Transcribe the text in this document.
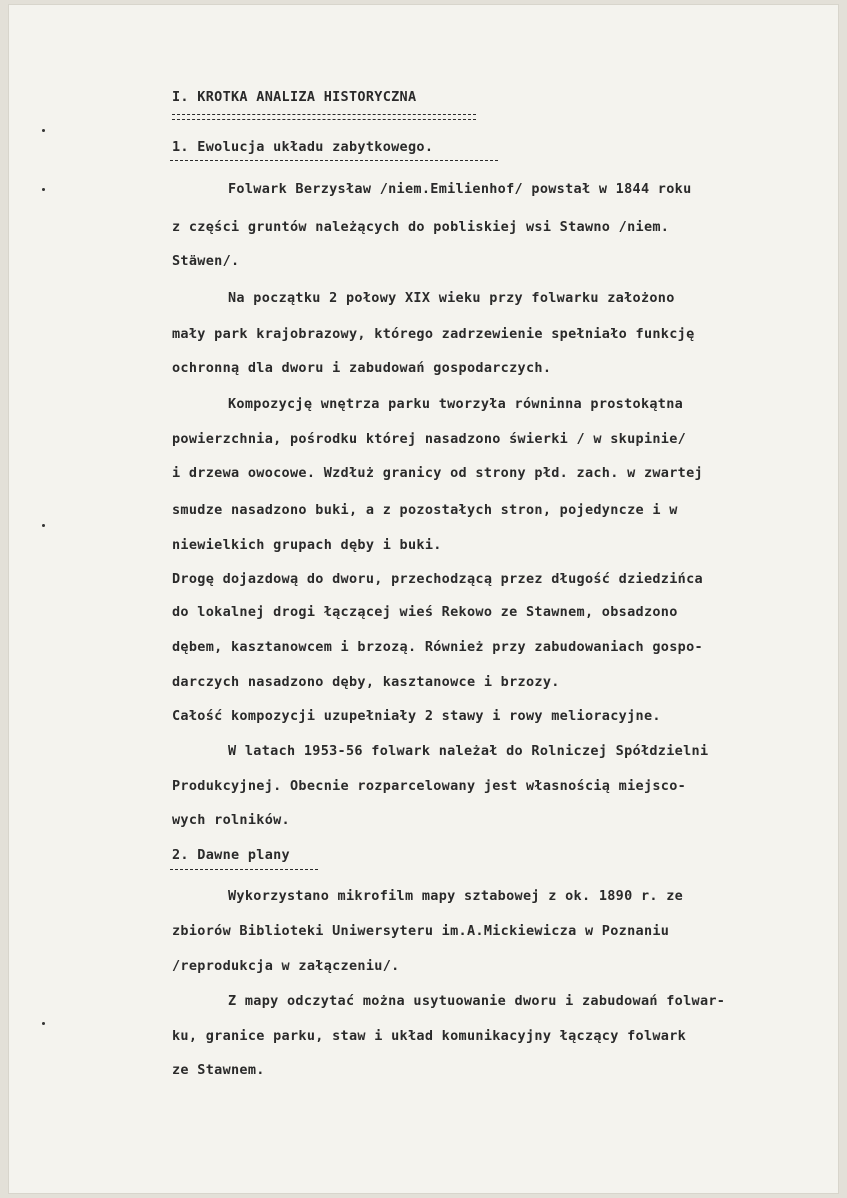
I. KROTKA ANALIZA HISTORYCZNA
1. Ewolucja układu zabytkowego.
Folwark Berzysław /niem.Emilienhof/ powstał w 1844 roku
z części gruntów należących do pobliskiej wsi Stawno /niem.
Stäwen/.
Na początku 2 połowy XIX wieku przy folwarku założono
mały park krajobrazowy, którego zadrzewienie spełniało funkcję
ochronną dla dworu i zabudowań gospodarczych.
Kompozycję wnętrza parku tworzyła równinna prostokątna
powierzchnia, pośrodku której nasadzono świerki / w skupinie/
i drzewa owocowe. Wzdłuż granicy od strony płd. zach. w zwartej
smudze nasadzono buki, a z pozostałych stron, pojedyncze i w
niewielkich grupach dęby i buki.
Drogę dojazdową do dworu, przechodzącą przez długość dziedzińca
do lokalnej drogi łączącej wieś Rekowo ze Stawnem, obsadzono
dębem, kasztanowcem i brzozą. Również przy zabudowaniach gospo-
darczych nasadzono dęby, kasztanowce i brzozy.
Całość kompozycji uzupełniały 2 stawy i rowy melioracyjne.
W latach 1953-56 folwark należał do Rolniczej Spółdzielni
Produkcyjnej. Obecnie rozparcelowany jest własnością miejsco-
wych rolników.
2. Dawne plany
Wykorzystano mikrofilm mapy sztabowej z ok. 1890 r. ze
zbiorów Biblioteki Uniwersyteru im.A.Mickiewicza w Poznaniu
/reprodukcja w załączeniu/.
Z mapy odczytać można usytuowanie dworu i zabudowań folwar-
ku, granice parku, staw i układ komunikacyjny łączący folwark
ze Stawnem.
